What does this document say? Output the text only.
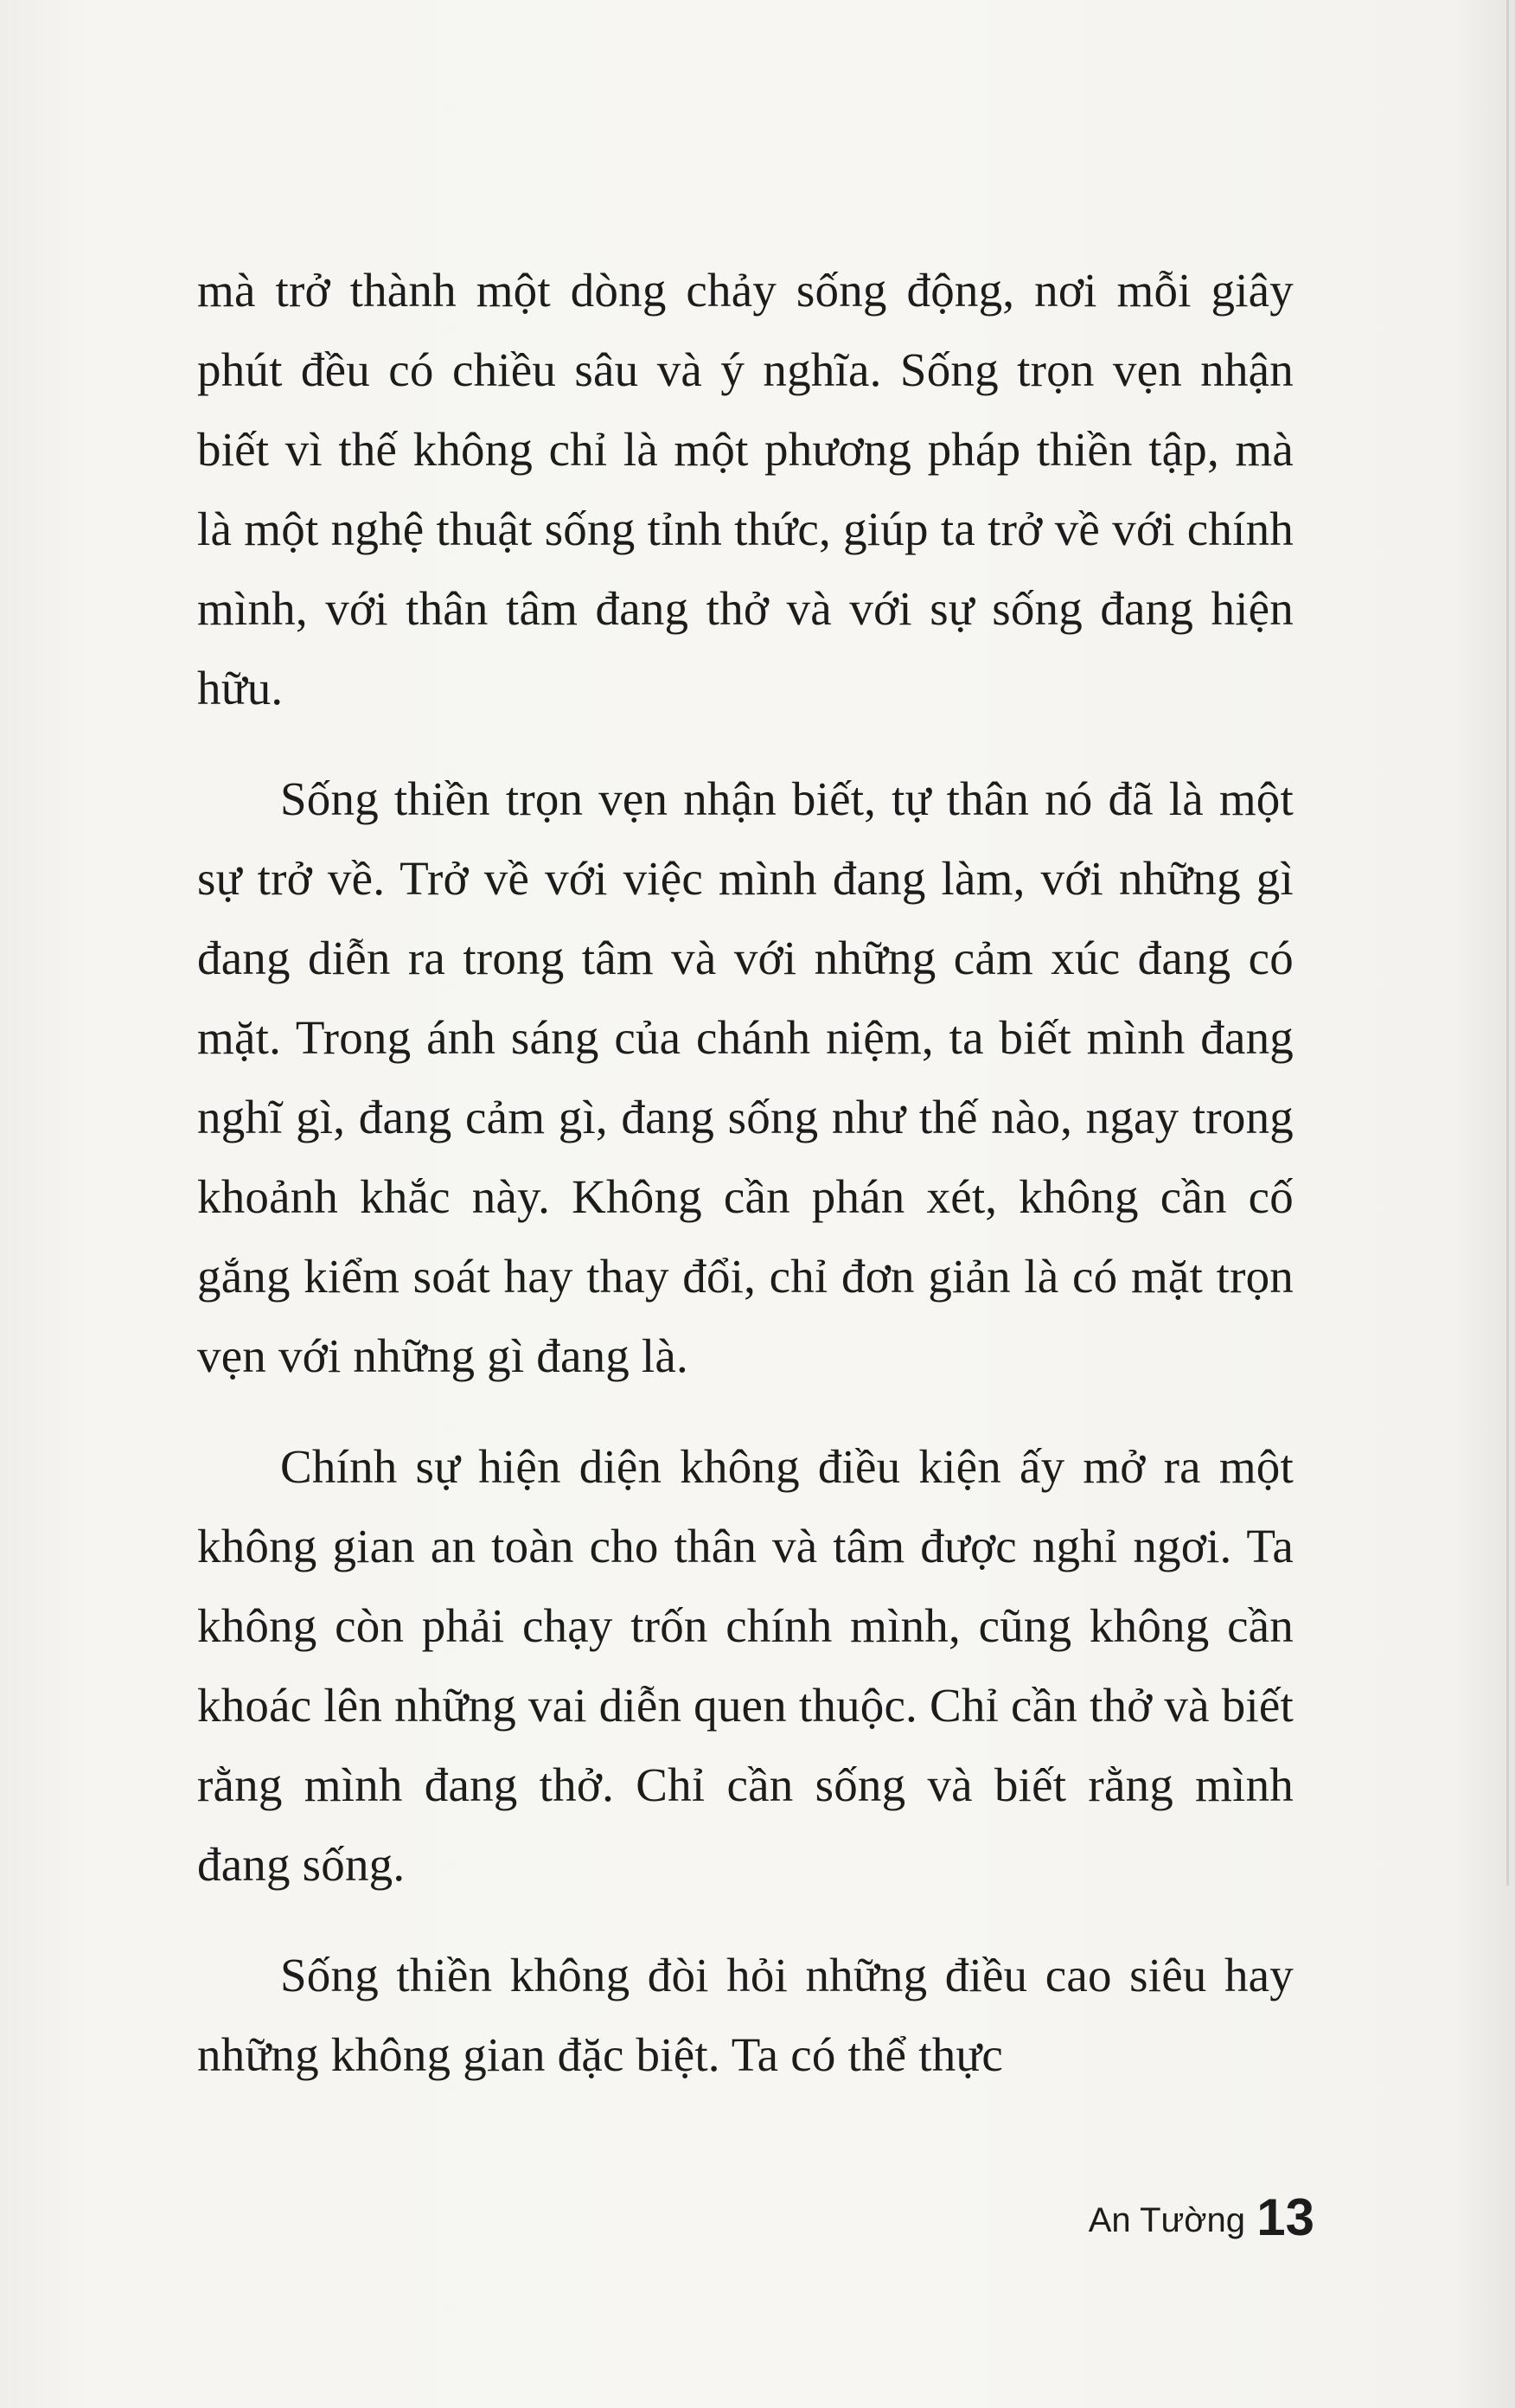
mà trở thành một dòng chảy sống động, nơi mỗi giây phút đều có chiều sâu và ý nghĩa. Sống trọn vẹn nhận biết vì thế không chỉ là một phương pháp thiền tập, mà là một nghệ thuật sống tỉnh thức, giúp ta trở về với chính mình, với thân tâm đang thở và với sự sống đang hiện hữu.

Sống thiền trọn vẹn nhận biết, tự thân nó đã là một sự trở về. Trở về với việc mình đang làm, với những gì đang diễn ra trong tâm và với những cảm xúc đang có mặt. Trong ánh sáng của chánh niệm, ta biết mình đang nghĩ gì, đang cảm gì, đang sống như thế nào, ngay trong khoảnh khắc này. Không cần phán xét, không cần cố gắng kiểm soát hay thay đổi, chỉ đơn giản là có mặt trọn vẹn với những gì đang là.

Chính sự hiện diện không điều kiện ấy mở ra một không gian an toàn cho thân và tâm được nghỉ ngơi. Ta không còn phải chạy trốn chính mình, cũng không cần khoác lên những vai diễn quen thuộc. Chỉ cần thở và biết rằng mình đang thở. Chỉ cần sống và biết rằng mình đang sống.

Sống thiền không đòi hỏi những điều cao siêu hay những không gian đặc biệt. Ta có thể thực

An Tường 13
